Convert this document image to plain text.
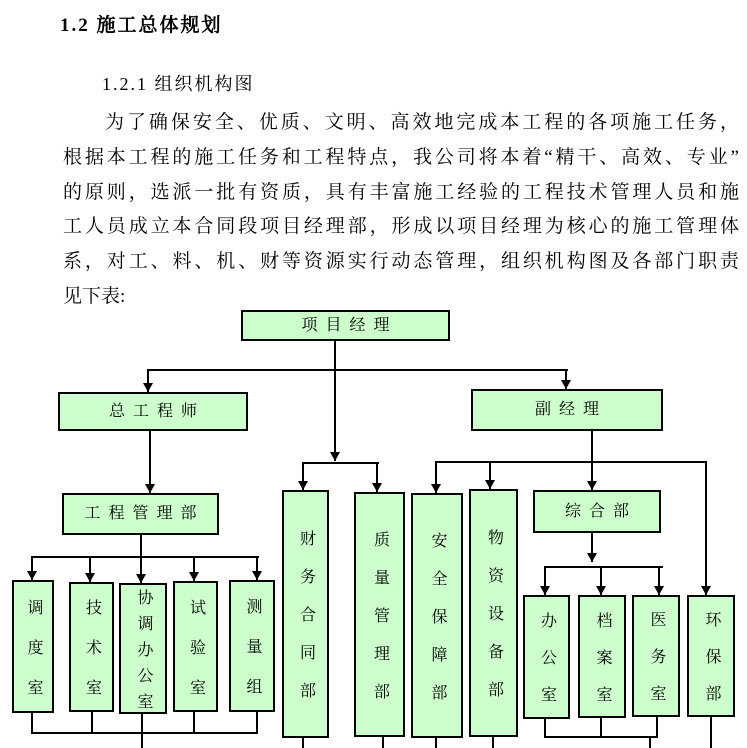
1.2 施工总体规划
1.2.1 组织机构图
为了确保安全、优质、文明、高效地完成本工程的各项施工任务，
根据本工程的施工任务和工程特点，我公司将本着“精干、高效、专业”
的原则，选派一批有资质，具有丰富施工经验的工程技术管理人员和施
工人员成立本合同段项目经理部，形成以项目经理为核心的施工管理体
系，对工、料、机、财等资源实行动态管理，组织机构图及各部门职责
见下表:
项目经理
总工程师	副经理
工程管理部	综合部
调度室	技术室 协调办公室 试验室 测量组 财务合同部	质量管理部	安全保障部 物资设备部 办公室 档案室 医务室 环保部
